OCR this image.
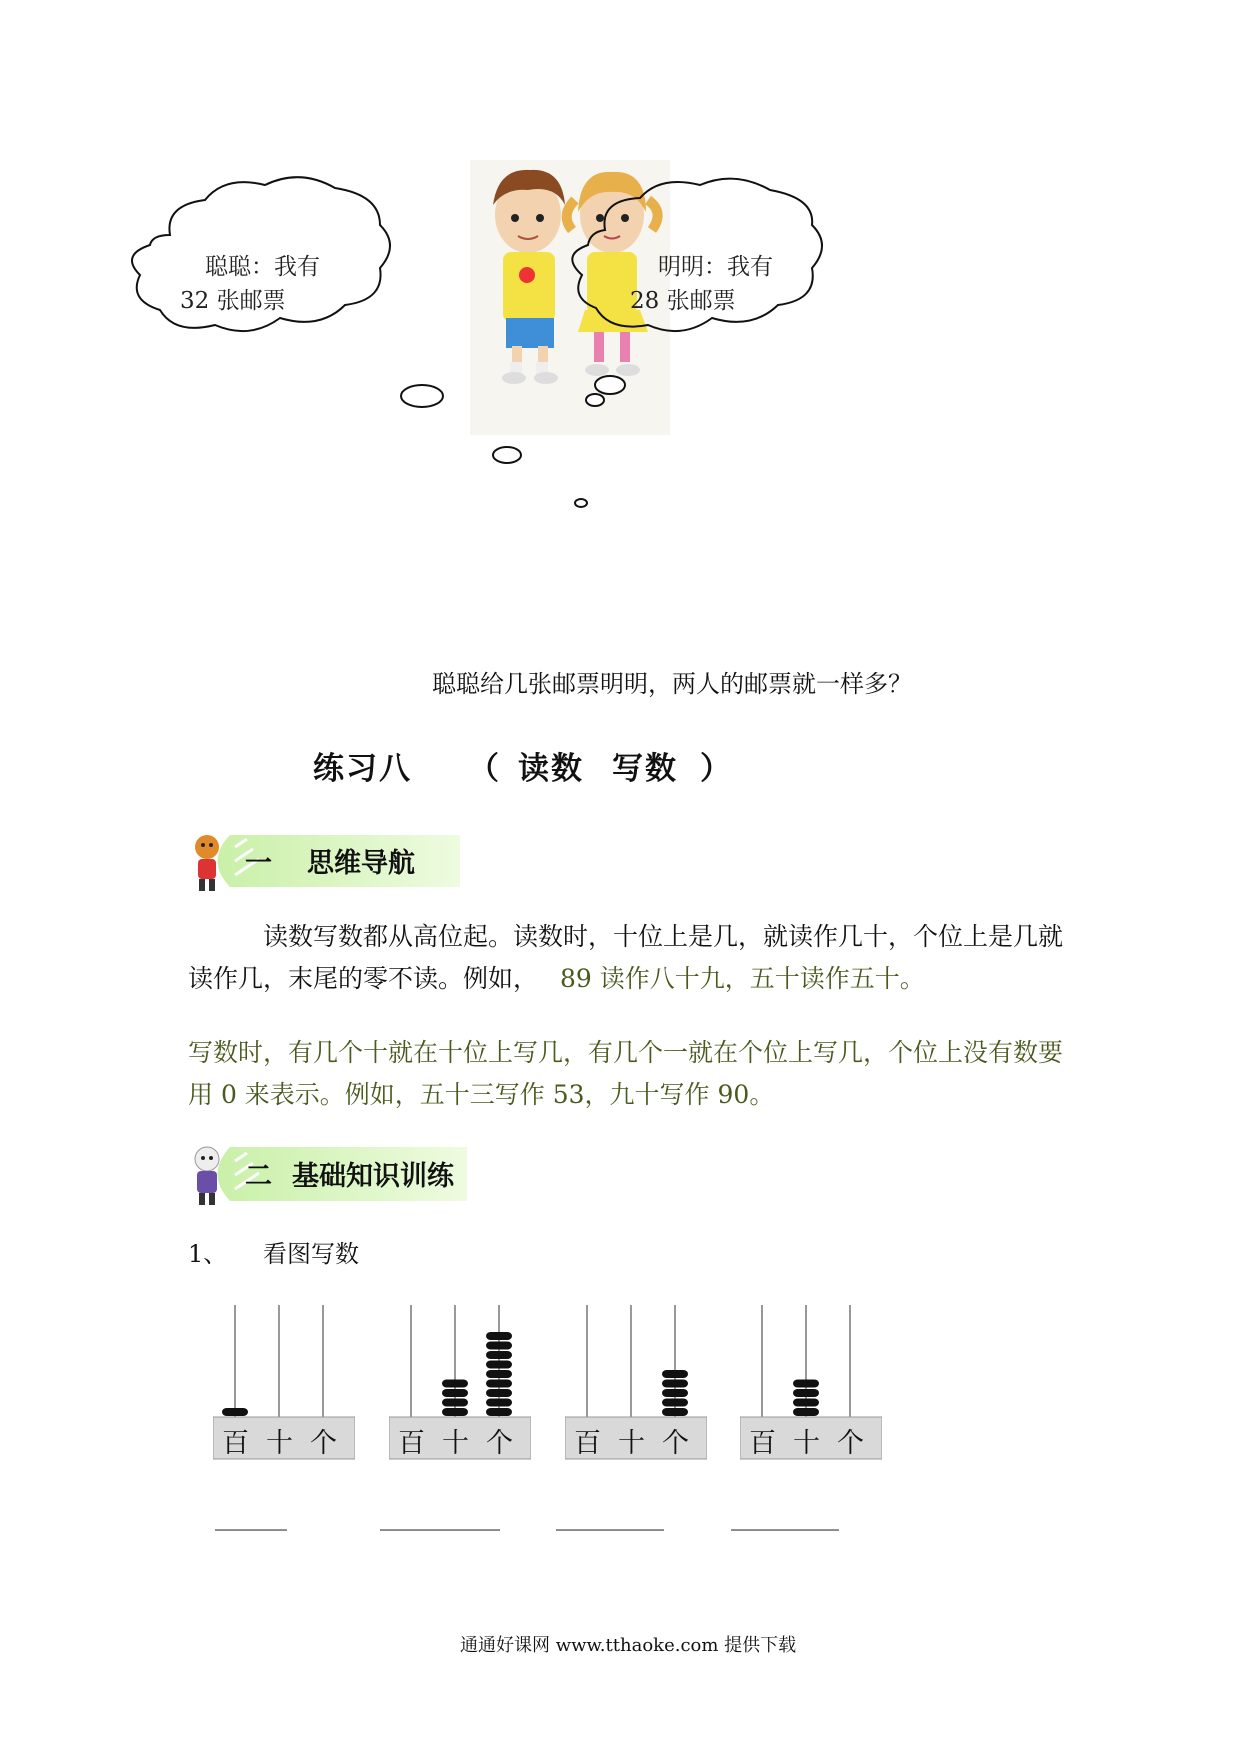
聪聪：我有
32 张邮票
明明：我有
28 张邮票
聪聪给几张邮票明明，两人的邮票就一样多？
练习八 （ 读数 写数 ）
一 思维导航
读数写数都从高位起。读数时，十位上是几，就读作几十，个位上是几就
读作几，末尾的零不读。例如， 89 读作八十九，五十读作五十。
写数时，有几个十就在十位上写几，有几个一就在个位上写几，个位上没有数要
用 0 来表示。例如，五十三写作 53，九十写作 90。
二 基础知识训练
1、 看图写数
百 十 个 百 十 个 百 十 个 百 十 个
______	__________ _________	_________
通通好课网 www.tthaoke.com 提供下载
